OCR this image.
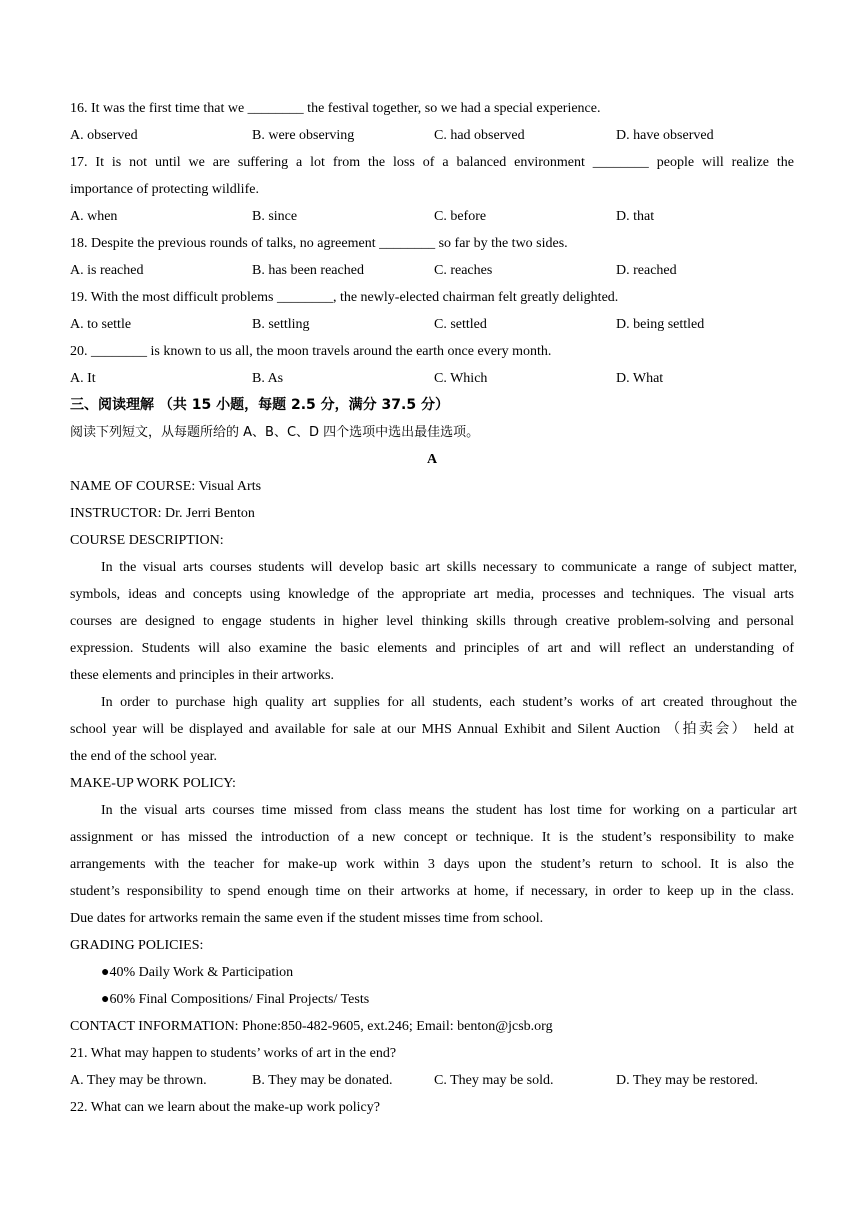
16. It was the first time that we ________ the festival together, so we had a special experience.
A. observed	B. were observing	C. had observed	D. have observed
17. It is not until we are suffering a lot from the loss of a balanced environment ________ people will realize the
importance of protecting wildlife.
A. when	B. since	C. before	D. that
18. Despite the previous rounds of talks, no agreement ________ so far by the two sides.
A. is reached	B. has been reached	C. reaches	D. reached
19. With the most difficult problems ________, the newly-elected chairman felt greatly delighted.
A. to settle	B. settling	C. settled	D. being settled
20. ________ is known to us all, the moon travels around the earth once every month.
A. It	B. As	C. Which	D. What
三、阅读理解 （共 15 小题，每题 2.5 分，满分 37.5 分）
阅读下列短文，从每题所给的 A、B、C、D 四个选项中选出最佳选项。
A
NAME OF COURSE: Visual Arts
INSTRUCTOR: Dr. Jerri Benton
COURSE DESCRIPTION:
In the visual arts courses students will develop basic art skills necessary to communicate a range of subject matter,
symbols, ideas and concepts using knowledge of the appropriate art media, processes and techniques. The visual arts
courses are designed to engage students in higher level thinking skills through creative problem-solving and personal
expression. Students will also examine the basic elements and principles of art and will reflect an understanding of
these elements and principles in their artworks.
In order to purchase high quality art supplies for all students, each student’s works of art created throughout the
school year will be displayed and available for sale at our MHS Annual Exhibit and Silent Auction （拍卖会） held at
the end of the school year.
MAKE-UP WORK POLICY:
In the visual arts courses time missed from class means the student has lost time for working on a particular art
assignment or has missed the introduction of a new concept or technique. It is the student’s responsibility to make
arrangements with the teacher for make-up work within 3 days upon the student’s return to school. It is also the
student’s responsibility to spend enough time on their artworks at home, if necessary, in order to keep up in the class.
Due dates for artworks remain the same even if the student misses time from school.
GRADING POLICIES:
●40% Daily Work & Participation
●60% Final Compositions/ Final Projects/ Tests
CONTACT INFORMATION: Phone:850-482-9605, ext.246; Email: benton@jcsb.org
21. What may happen to students’ works of art in the end?
A. They may be thrown.	B. They may be donated.	C. They may be sold.	D. They may be restored.
22. What can we learn about the make-up work policy?
